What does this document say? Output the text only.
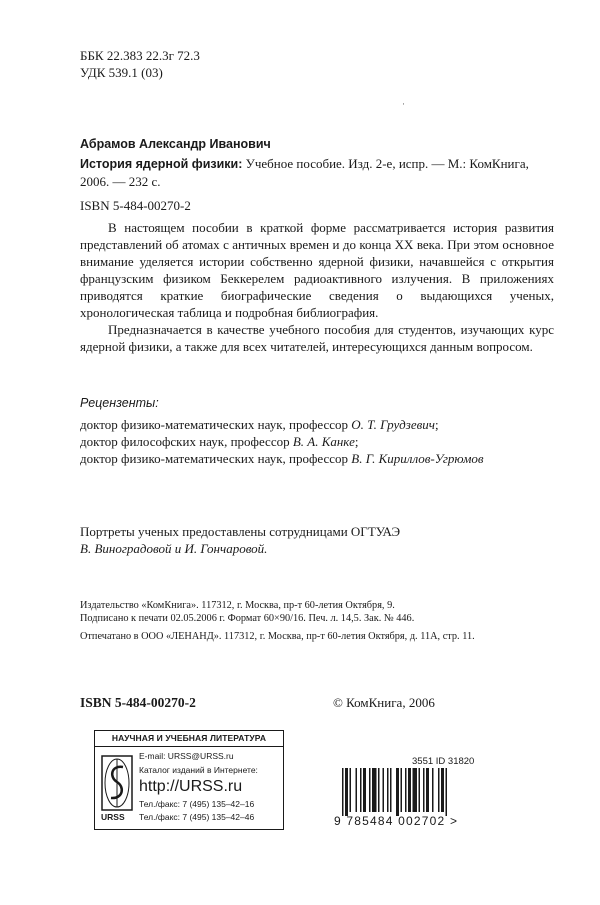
ББК 22.383 22.3г 72.3
УДК 539.1 (03)
·
Абрамов Александр Иванович
История ядерной физики: Учебное пособие. Изд. 2-е, испр. — М.: КомКнига, 2006. — 232 с.
ISBN 5-484-00270-2

В настоящем пособии в краткой форме рассматривается история развития представлений об атомах с античных времен и до конца XX века. При этом основное внимание уделяется истории собственно ядерной физики, начавшейся с открытия французским физиком Беккерелем радиоактивного излучения. В приложениях приводятся краткие биографические сведения о выдающихся ученых, хронологическая таблица и подробная библиография.

Предназначается в качестве учебного пособия для студентов, изучающих курс ядерной физики, а также для всех читателей, интересующихся данным вопросом.

Рецензенты:
доктор физико-математических наук, профессор О. Т. Грудзевич;
доктор философских наук, профессор В. А. Канке;
доктор физико-математических наук, профессор В. Г. Кириллов-Угрюмов
Портреты ученых предоставлены сотрудницами ОГТУАЭ
В. Виноградовой и И. Гончаровой.
Издательство «КомКнига». 117312, г. Москва, пр-т 60-летия Октября, 9.
Подписано к печати 02.05.2006 г. Формат 60×90/16. Печ. л. 14,5. Зак. № 446.
Отпечатано в ООО «ЛЕНАНД». 117312, г. Москва, пр-т 60-летия Октября, д. 11А, стр. 11.
ISBN 5-484-00270-2	© КомКнига, 2006
НАУЧНАЯ И УЧЕБНАЯ ЛИТЕРАТУРА
URSS
E-mail: URSS@URSS.ru
Каталог изданий в Интернете:
http://URSS.ru
Тел./факс: 7 (495) 135–42–16
Тел./факс: 7 (495) 135–42–46
3551 ID 31820
9 785484 002702 >
